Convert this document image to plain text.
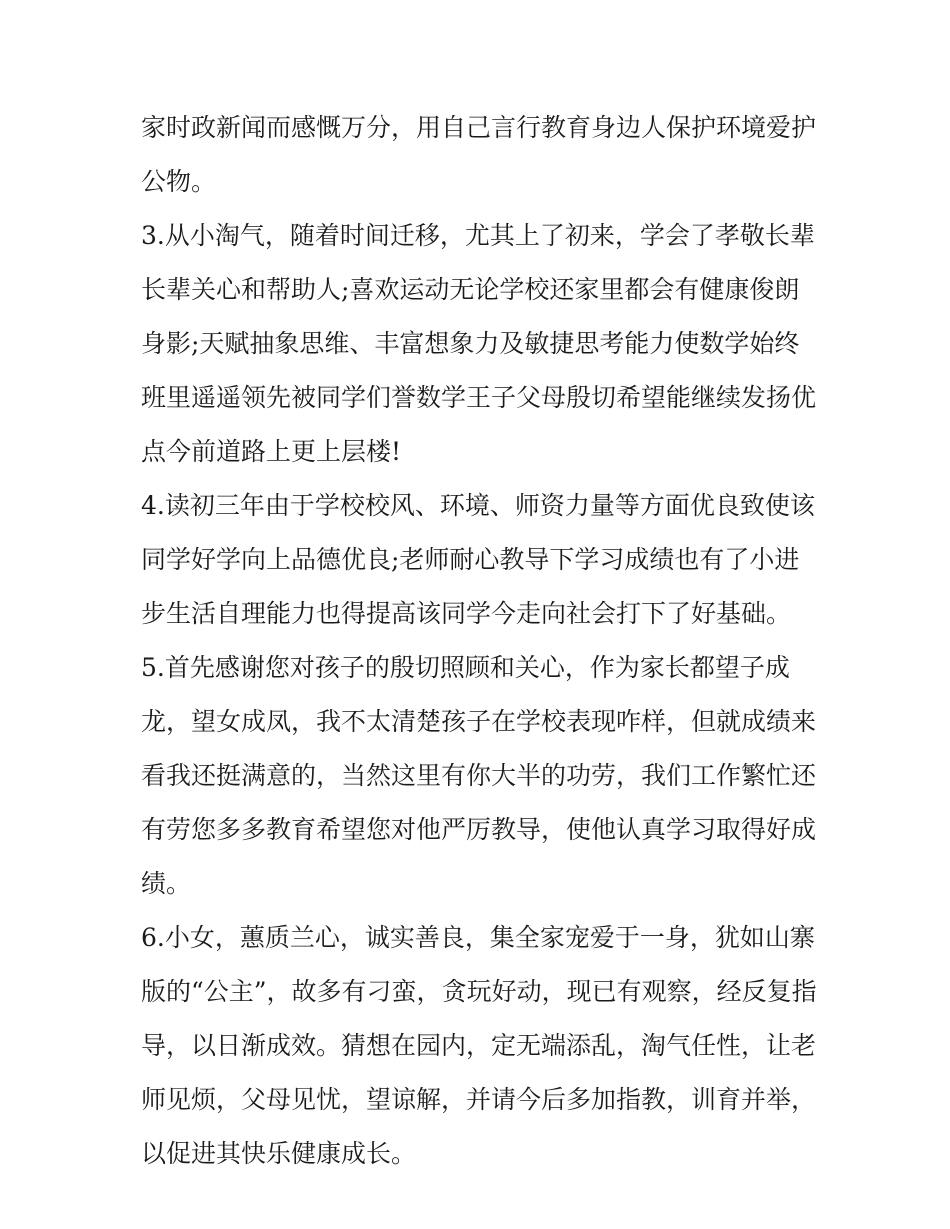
家时政新闻而感慨万分，用自己言行教育身边人保护环境爱护
公物。
3.从小淘气，随着时间迁移，尤其上了初来，学会了孝敬长辈
长辈关心和帮助人;喜欢运动无论学校还家里都会有健康俊朗
身影;天赋抽象思维、丰富想象力及敏捷思考能力使数学始终
班里遥遥领先被同学们誉数学王子父母殷切希望能继续发扬优
点今前道路上更上层楼!
4.读初三年由于学校校风、环境、师资力量等方面优良致使该
同学好学向上品德优良;老师耐心教导下学习成绩也有了小进
步生活自理能力也得提高该同学今走向社会打下了好基础。
5.首先感谢您对孩子的殷切照顾和关心，作为家长都望子成
龙，望女成凤，我不太清楚孩子在学校表现咋样，但就成绩来
看我还挺满意的，当然这里有你大半的功劳，我们工作繁忙还
有劳您多多教育希望您对他严厉教导，使他认真学习取得好成
绩。
6.小女，蕙质兰心，诚实善良，集全家宠爱于一身，犹如山寨
版的“公主”，故多有刁蛮，贪玩好动，现已有观察，经反复指
导，以日渐成效。猜想在园内，定无端添乱，淘气任性，让老
师见烦，父母见忧，望谅解，并请今后多加指教，训育并举，
以促进其快乐健康成长。
